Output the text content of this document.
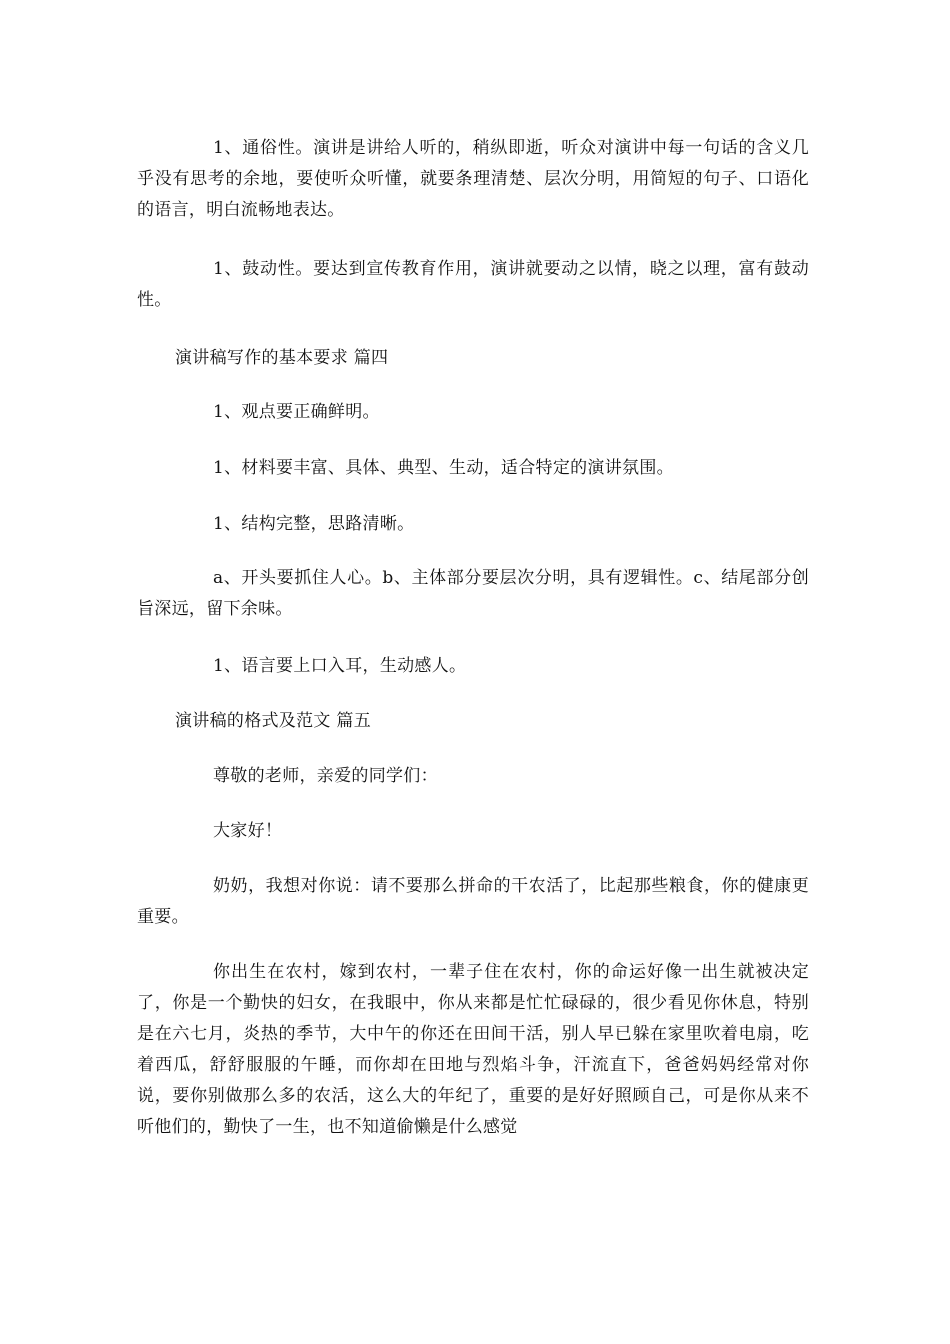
1、通俗性。演讲是讲给人听的，稍纵即逝，听众对演讲中每一句话的含义几乎没有思考的余地，要使听众听懂，就要条理清楚、层次分明，用简短的句子、口语化的语言，明白流畅地表达。

1、鼓动性。要达到宣传教育作用，演讲就要动之以情，晓之以理，富有鼓动性。

演讲稿写作的基本要求 篇四

1、观点要正确鲜明。

1、材料要丰富、具体、典型、生动，适合特定的演讲氛围。

1、结构完整，思路清晰。

a、开头要抓住人心。b、主体部分要层次分明，具有逻辑性。c、结尾部分创旨深远，留下余味。

1、语言要上口入耳，生动感人。

演讲稿的格式及范文 篇五

尊敬的老师，亲爱的同学们：

大家好！

奶奶，我想对你说：请不要那么拼命的干农活了，比起那些粮食，你的健康更重要。

你出生在农村，嫁到农村，一辈子住在农村，你的命运好像一出生就被决定了，你是一个勤快的妇女，在我眼中，你从来都是忙忙碌碌的，很少看见你休息，特别是在六七月，炎热的季节，大中午的你还在田间干活，别人早已躲在家里吹着电扇，吃着西瓜，舒舒服服的午睡，而你却在田地与烈焰斗争，汗流直下，爸爸妈妈经常对你说，要你别做那么多的农活，这么大的年纪了，重要的是好好照顾自己，可是你从来不听他们的，勤快了一生，也不知道偷懒是什么感觉
